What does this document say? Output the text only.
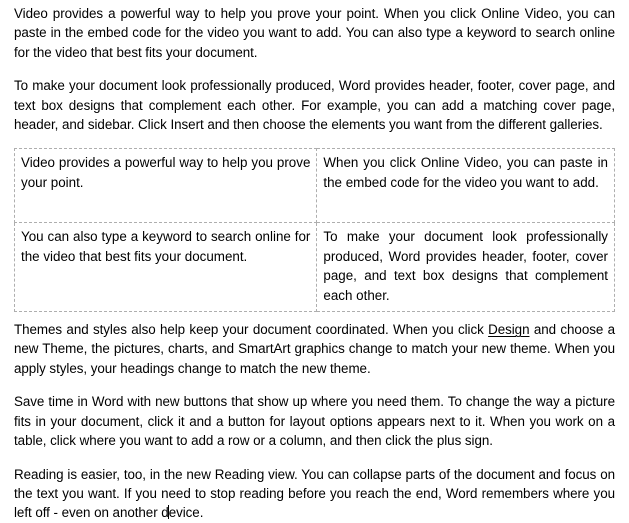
Video provides a powerful way to help you prove your point. When you click Online Video, you can paste in the embed code for the video you want to add. You can also type a keyword to search online for the video that best fits your document.

To make your document look professionally produced, Word provides header, footer, cover page, and text box designs that complement each other. For example, you can add a matching cover page, header, and sidebar. Click Insert and then choose the elements you want from the different galleries.

Video provides a powerful way to help you prove your point.	When you click Online Video, you can paste in the embed code for the video you want to add.

You can also type a keyword to search online for the video that best fits your document.	To make your document look professionally produced, Word provides header, footer, cover page, and text box designs that complement each other.

Themes and styles also help keep your document coordinated. When you click Design and choose a new Theme, the pictures, charts, and SmartArt graphics change to match your new theme. When you apply styles, your headings change to match the new theme.

Save time in Word with new buttons that show up where you need them. To change the way a picture fits in your document, click it and a button for layout options appears next to it. When you work on a table, click where you want to add a row or a column, and then click the plus sign.

Reading is easier, too, in the new Reading view. You can collapse parts of the document and focus on the text you want. If you need to stop reading before you reach the end, Word remembers where you left off - even on another device.
